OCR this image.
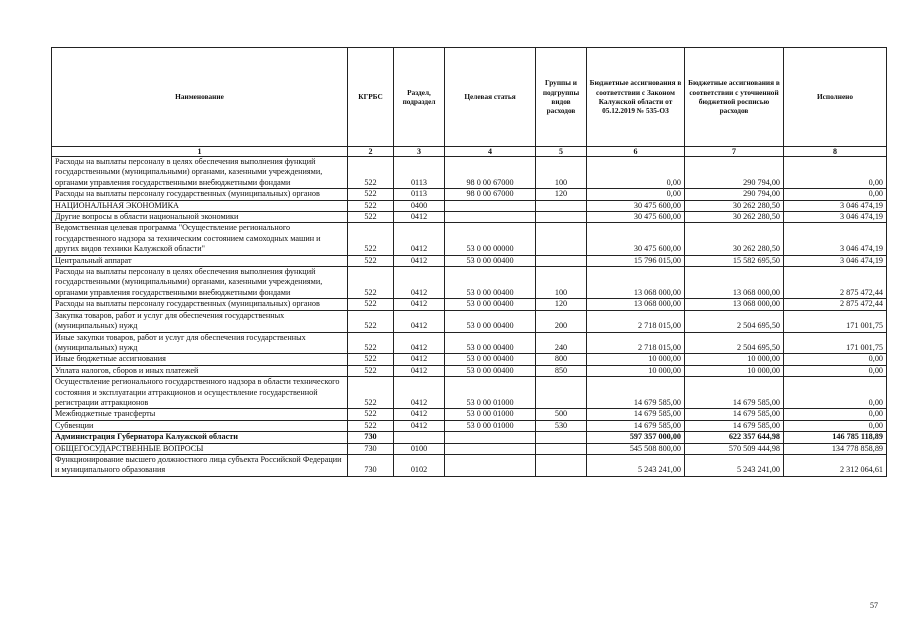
Наименование	КГРБС	Раздел, подраздел	Целевая статья	Группы и подгруппы видов расходов	Бюджетные ассигнования в соответствии с Законом Калужской области от 05.12.2019 № 535-ОЗ	Бюджетные ассигнования в соответствии с уточненной бюджетной росписью расходов	Исполнено
1	2	3	4	5	6	7	8
Расходы на выплаты персоналу в целях обеспечения выполнения функций государственными (муниципальными) органами, казенными учреждениями, органами управления государственными внебюджетными фондами	522	0113	98 0 00 67000	100	0,00	290 794,00	0,00
Расходы на выплаты персоналу государственных (муниципальных) органов	522	0113	98 0 00 67000	120	0,00	290 794,00	0,00
НАЦИОНАЛЬНАЯ ЭКОНОМИКА	522	0400			30 475 600,00	30 262 280,50	3 046 474,19
Другие вопросы в области национальной экономики	522	0412			30 475 600,00	30 262 280,50	3 046 474,19
Ведомственная целевая программа "Осуществление регионального государственного надзора за техническим состоянием самоходных машин и других видов техники Калужской области"	522	0412	53 0 00 00000		30 475 600,00	30 262 280,50	3 046 474,19
Центральный аппарат	522	0412	53 0 00 00400		15 796 015,00	15 582 695,50	3 046 474,19
Расходы на выплаты персоналу в целях обеспечения выполнения функций государственными (муниципальными) органами, казенными учреждениями, органами управления государственными внебюджетными фондами	522	0412	53 0 00 00400	100	13 068 000,00	13 068 000,00	2 875 472,44
Расходы на выплаты персоналу государственных (муниципальных) органов	522	0412	53 0 00 00400	120	13 068 000,00	13 068 000,00	2 875 472,44
Закупка товаров, работ и услуг для обеспечения государственных (муниципальных) нужд	522	0412	53 0 00 00400	200	2 718 015,00	2 504 695,50	171 001,75
Иные закупки товаров, работ и услуг для обеспечения государственных (муниципальных) нужд	522	0412	53 0 00 00400	240	2 718 015,00	2 504 695,50	171 001,75
Иные бюджетные ассигнования	522	0412	53 0 00 00400	800	10 000,00	10 000,00	0,00
Уплата налогов, сборов и иных платежей	522	0412	53 0 00 00400	850	10 000,00	10 000,00	0,00
Осуществление регионального государственного надзора в области технического состояния и эксплуатации аттракционов и осуществление государственной регистрации аттракционов	522	0412	53 0 00 01000		14 679 585,00	14 679 585,00	0,00
Межбюджетные трансферты	522	0412	53 0 00 01000	500	14 679 585,00	14 679 585,00	0,00
Субвенции	522	0412	53 0 00 01000	530	14 679 585,00	14 679 585,00	0,00
Администрация Губернатора Калужской области	730				597 357 000,00	622 357 644,98	146 785 118,89
ОБЩЕГОСУДАРСТВЕННЫЕ ВОПРОСЫ	730	0100			545 508 800,00	570 509 444,98	134 778 858,89
Функционирование высшего должностного лица субъекта Российской Федерации и муниципального образования	730	0102			5 243 241,00	5 243 241,00	2 312 064,61
57
